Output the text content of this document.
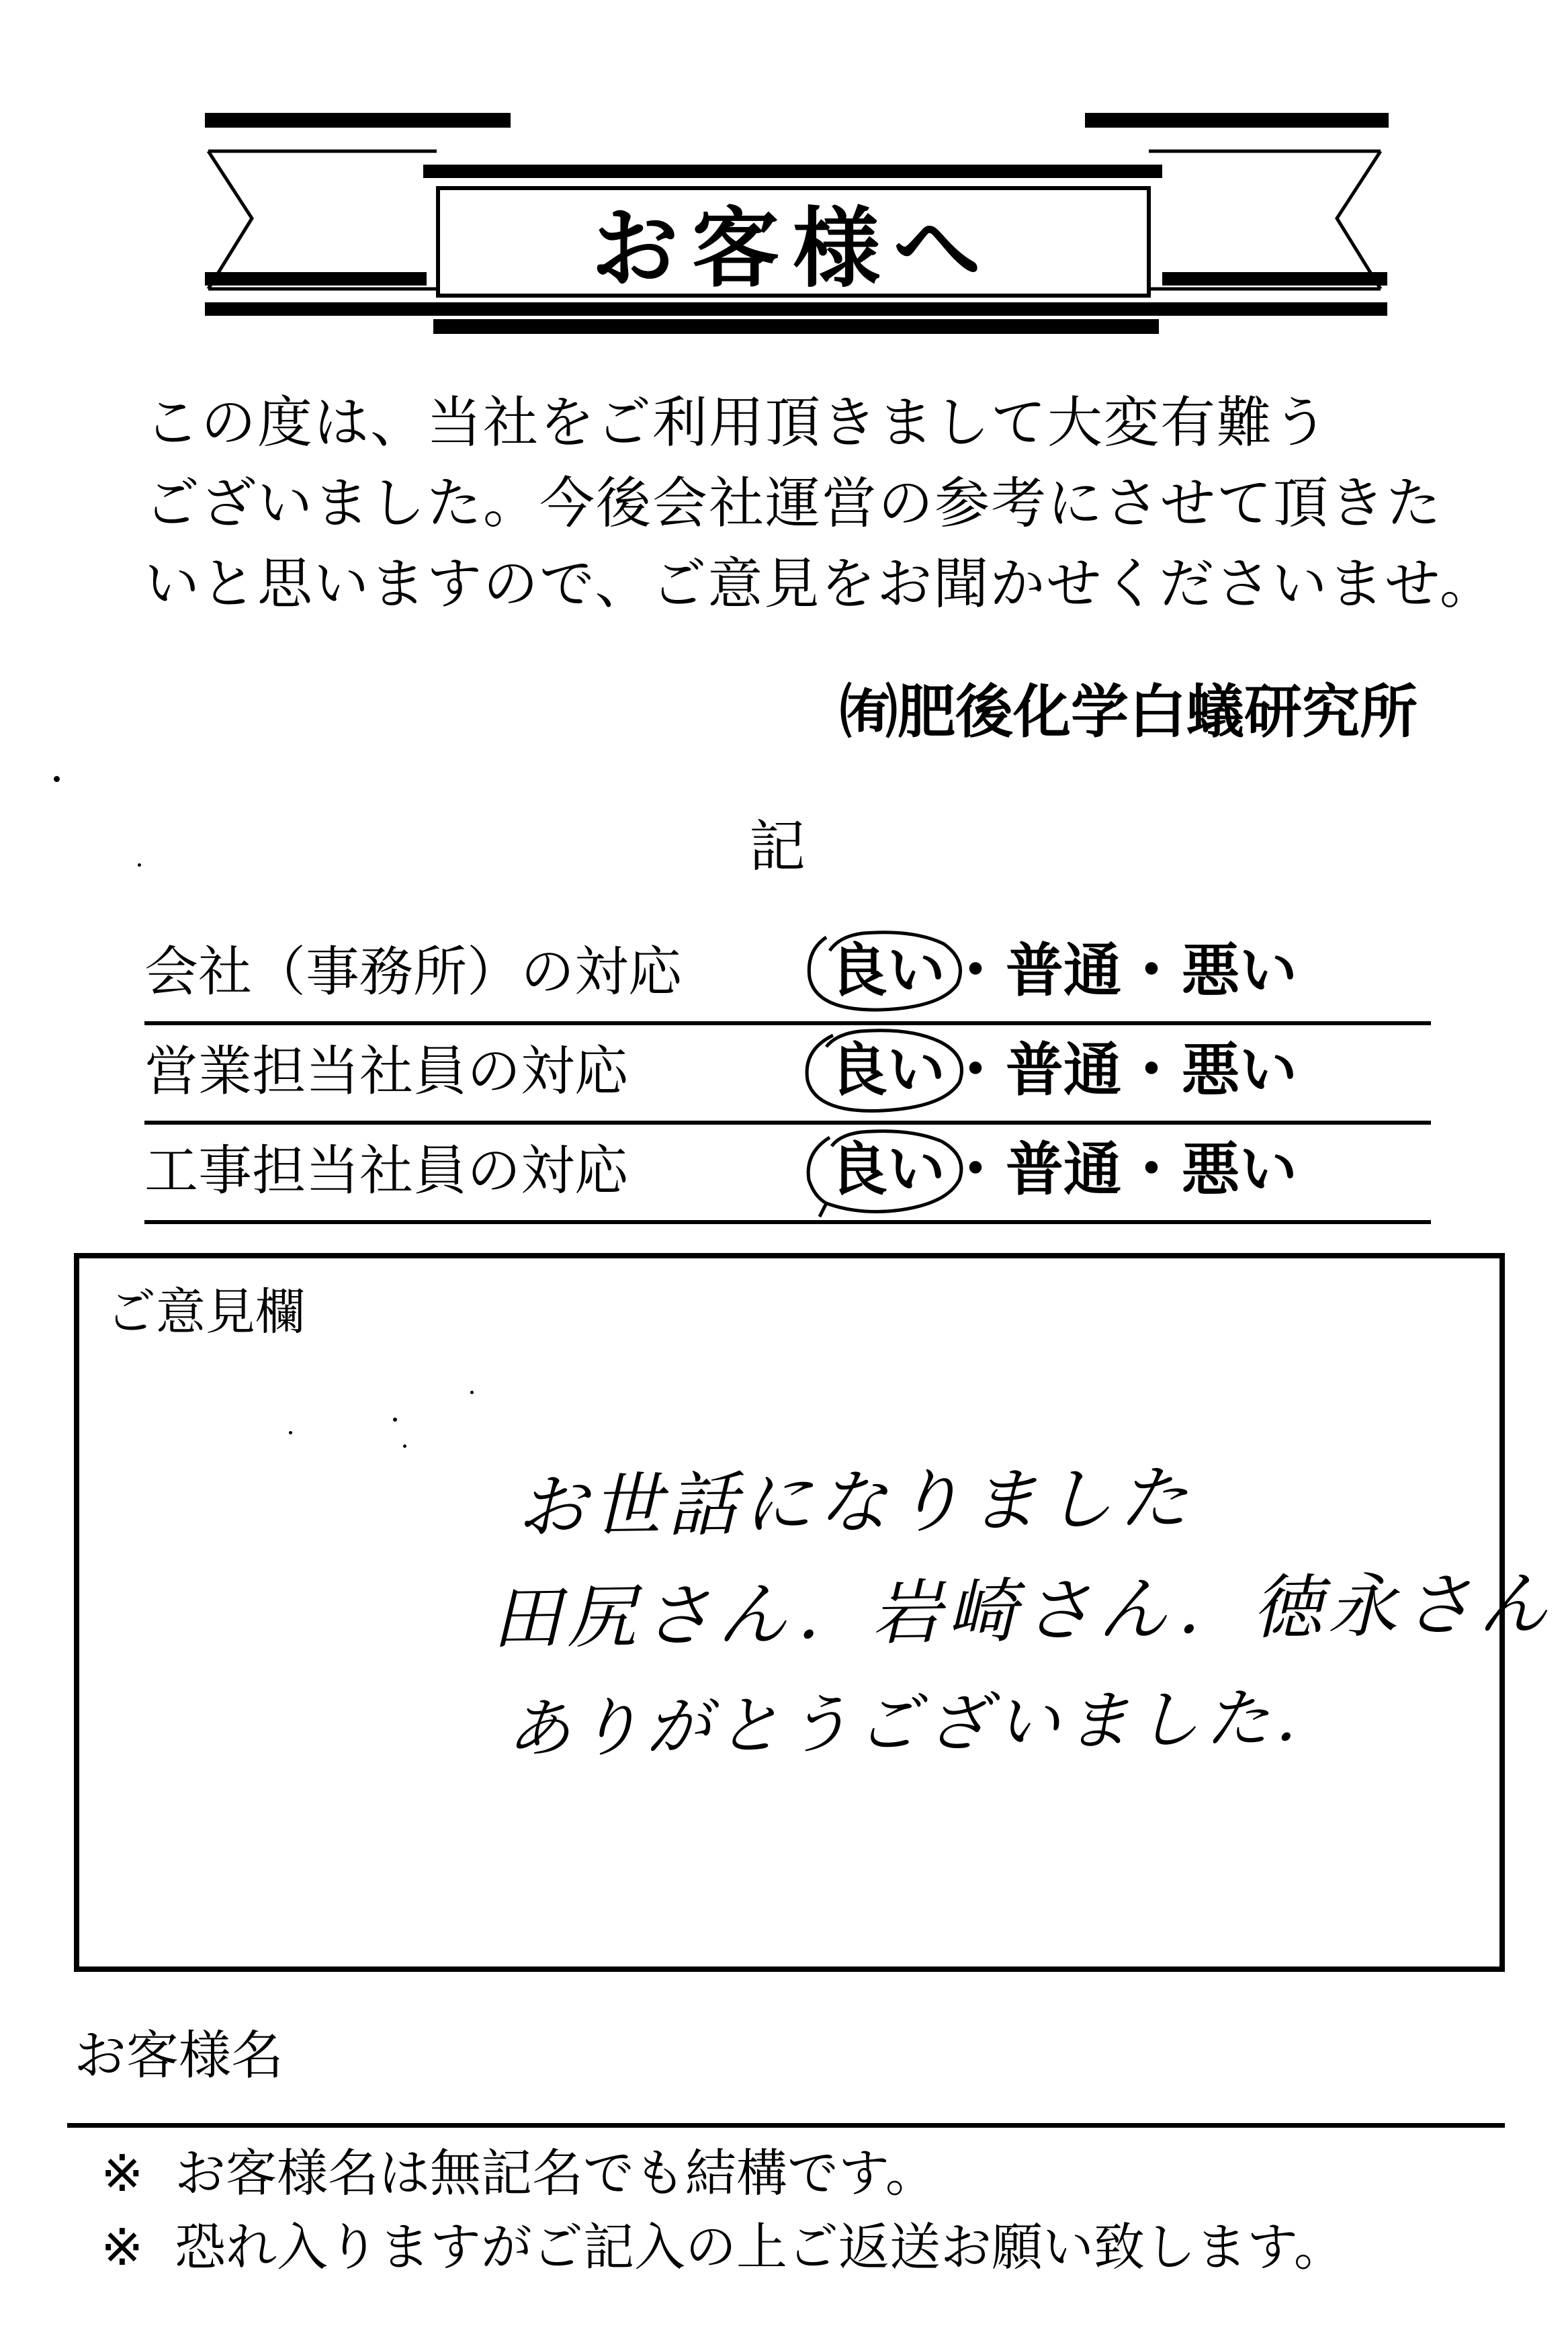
お客様へ
この度は、当社をご利用頂きまして大変有難う
ございました。今後会社運営の参考にさせて頂きた
いと思いますので、ご意見をお聞かせくださいませ。
㈲肥後化学白蟻研究所
記
会社（事務所）の対応	良い・普通・悪い
営業担当社員の対応	良い・普通・悪い
工事担当社員の対応	良い・普通・悪い
ご意見欄
お世話になりました
田尻さん．岩崎さん．徳永さん
ありがとうございました．
お客様名
※ お客様名は無記名でも結構です。
※ 恐れ入りますがご記入の上ご返送お願い致します。
